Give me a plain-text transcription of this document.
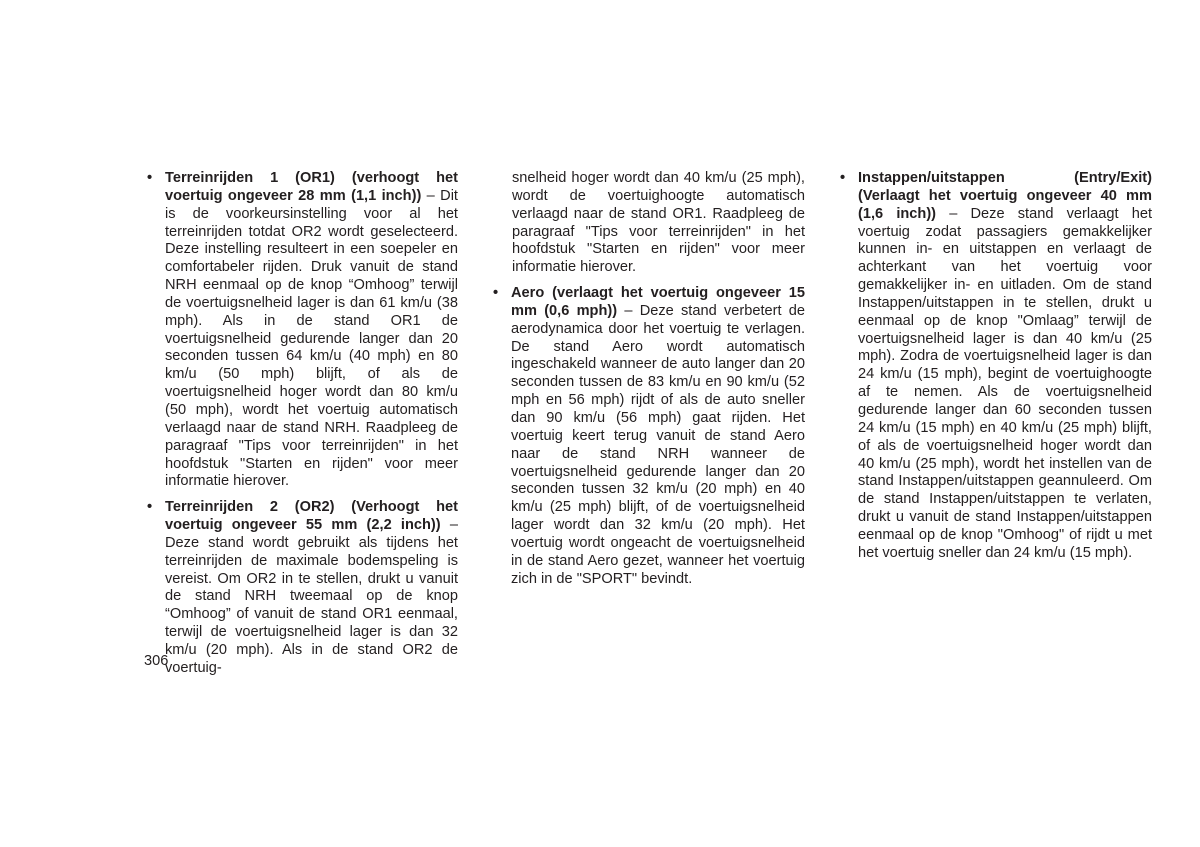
• Terreinrijden 1 (OR1) (verhoogt het voertuig ongeveer 28 mm (1,1 inch)) – Dit is de voorkeursinstelling voor al het terreinrijden totdat OR2 wordt geselecteerd. Deze instelling resulteert in een soepeler en comfortabeler rijden. Druk vanuit de stand NRH eenmaal op de knop “Omhoog” terwijl de voertuigsnelheid lager is dan 61 km/u (38 mph). Als in de stand OR1 de voertuigsnelheid gedurende langer dan 20 seconden tussen 64 km/u (40 mph) en 80 km/u (50 mph) blijft, of als de voertuigsnelheid hoger wordt dan 80 km/u (50 mph), wordt het voertuig automatisch verlaagd naar de stand NRH. Raadpleeg de paragraaf "Tips voor terreinrijden" in het hoofdstuk "Starten en rijden" voor meer informatie hierover.

• Terreinrijden 2 (OR2) (Verhoogt het voertuig ongeveer 55 mm (2,2 inch)) – Deze stand wordt gebruikt als tijdens het terreinrijden de maximale bodemspeling is vereist. Om OR2 in te stellen, drukt u vanuit de stand NRH tweemaal op de knop “Omhoog” of vanuit de stand OR1 eenmaal, terwijl de voertuigsnelheid lager is dan 32 km/u (20 mph). Als in de stand OR2 de voertuig-

snelheid hoger wordt dan 40 km/u (25 mph), wordt de voertuighoogte automatisch verlaagd naar de stand OR1. Raadpleeg de paragraaf "Tips voor terreinrijden" in het hoofdstuk "Starten en rijden" voor meer informatie hierover.

• Aero (verlaagt het voertuig ongeveer 15 mm (0,6 mph)) – Deze stand verbetert de aerodynamica door het voertuig te verlagen. De stand Aero wordt automatisch ingeschakeld wanneer de auto langer dan 20 seconden tussen de 83 km/u en 90 km/u (52 mph en 56 mph) rijdt of als de auto sneller dan 90 km/u (56 mph) gaat rijden. Het voertuig keert terug vanuit de stand Aero naar de stand NRH wanneer de voertuigsnelheid gedurende langer dan 20 seconden tussen 32 km/u (20 mph) en 40 km/u (25 mph) blijft, of de voertuigsnelheid lager wordt dan 32 km/u (20 mph). Het voertuig wordt ongeacht de voertuigsnelheid in de stand Aero gezet, wanneer het voertuig zich in de "SPORT" bevindt.

• Instappen/uitstappen (Entry/Exit) (Verlaagt het voertuig ongeveer 40 mm (1,6 inch)) – Deze stand verlaagt het voertuig zodat passagiers gemakkelijker kunnen in- en uitstappen en verlaagt de achterkant van het voertuig voor gemakkelijker in- en uitladen. Om de stand Instappen/uitstappen in te stellen, drukt u eenmaal op de knop "Omlaag” terwijl de voertuigsnelheid lager is dan 40 km/u (25 mph). Zodra de voertuigsnelheid lager is dan 24 km/u (15 mph), begint de voertuighoogte af te nemen. Als de voertuigsnelheid gedurende langer dan 60 seconden tussen 24 km/u (15 mph) en 40 km/u (25 mph) blijft, of als de voertuigsnelheid hoger wordt dan 40 km/u (25 mph), wordt het instellen van de stand Instappen/uitstappen geannuleerd. Om de stand Instappen/uitstappen te verlaten, drukt u vanuit de stand Instappen/uitstappen eenmaal op de knop "Omhoog" of rijdt u met het voertuig sneller dan 24 km/u (15 mph).

306
